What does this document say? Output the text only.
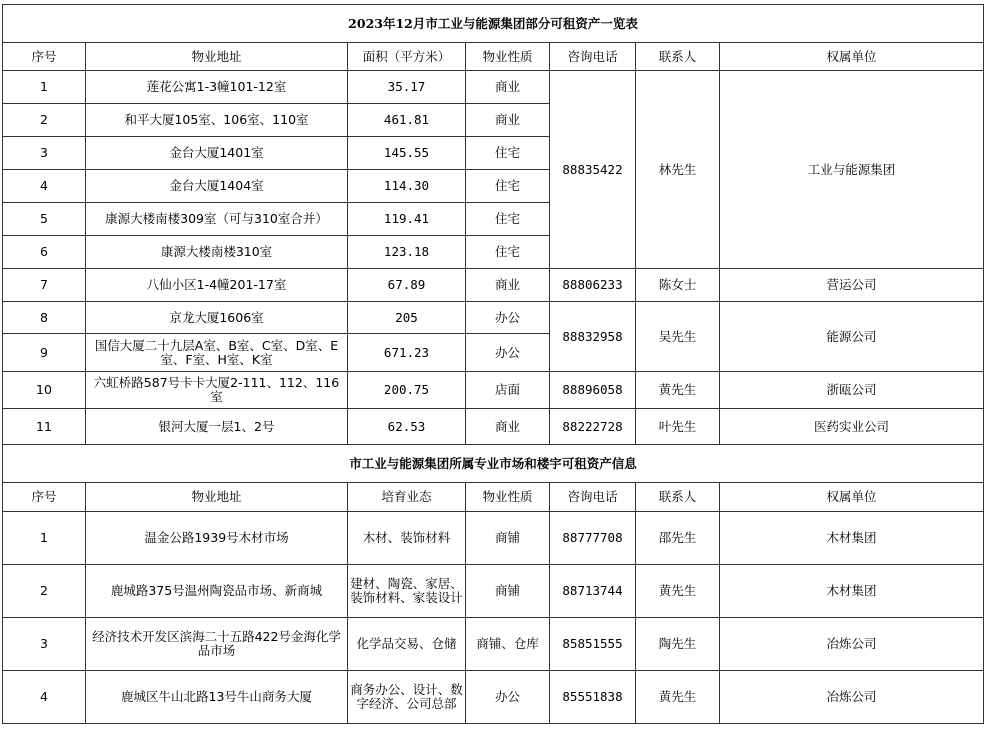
2023年12月市工业与能源集团部分可租资产一览表						
序号	物业地址	面积（平方米）	物业性质	咨询电话	联系人	权属单位
1	莲花公寓1-3幢101-12室	35.17	商业	88835422	林先生	工业与能源集团
2	和平大厦105室、106室、110室	461.81	商业			
3	金台大厦1401室	145.55	住宅			
4	金台大厦1404室	114.30	住宅			
5	康源大楼南楼309室（可与310室合并）	119.41	住宅			
6	康源大楼南楼310室	123.18	住宅			
7	八仙小区1-4幢201-17室	67.89	商业	88806233	陈女士	营运公司
8	京龙大厦1606室	205	办公	88832958	吴先生	能源公司
9	国信大厦二十九层A室、B室、C室、D室、E室、F室、H室、K室	671.23	办公			
10	六虹桥路587号卡卡大厦2-111、112、116室	200.75	店面	88896058	黄先生	浙瓯公司
11	银河大厦一层1、2号	62.53	商业	88222728	叶先生	医药实业公司
市工业与能源集团所属专业市场和楼宇可租资产信息						
序号	物业地址	培育业态	物业性质	咨询电话	联系人	权属单位
1	温金公路1939号木材市场	木材、装饰材料	商铺	88777708	邵先生	木材集团
2	鹿城路375号温州陶瓷品市场、新商城	建材、陶瓷、家居、装饰材料、家装设计	商铺	88713744	黄先生	木材集团
3	经济技术开发区滨海二十五路422号金海化学品市场	化学品交易、仓储	商铺、仓库	85851555	陶先生	冶炼公司
4	鹿城区牛山北路13号牛山商务大厦	商务办公、设计、数字经济、公司总部	办公	85551838	黄先生	冶炼公司
